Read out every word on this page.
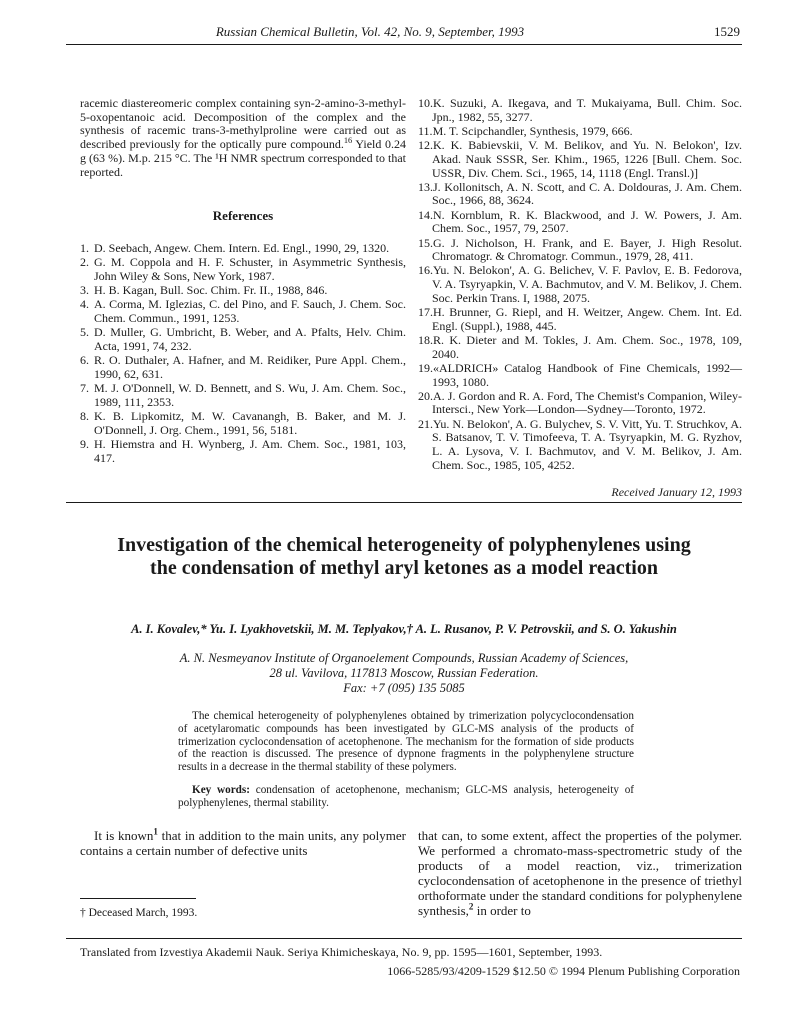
Russian Chemical Bulletin, Vol. 42, No. 9, September, 1993	1529
racemic diastereomeric complex containing syn-2-amino-3-methyl-5-oxopentanoic acid. Decomposition of the complex and the synthesis of racemic trans-3-methylproline were carried out as described previously for the optically pure compound.$^{16}$ Yield 0.24 g (63 %). M.p. 215 °C. The ¹H NMR spectrum corresponded to that reported.
References
1. D. Seebach, Angew. Chem. Intern. Ed. Engl., 1990, 29, 1320.
2. G. M. Coppola and H. F. Schuster, in Asymmetric Synthesis, John Wiley & Sons, New York, 1987.
3. H. B. Kagan, Bull. Soc. Chim. Fr. II., 1988, 846.
4. A. Corma, M. Iglezias, C. del Pino, and F. Sauch, J. Chem. Soc. Chem. Commun., 1991, 1253.
5. D. Muller, G. Umbricht, B. Weber, and A. Pfalts, Helv. Chim. Acta, 1991, 74, 232.
6. R. O. Duthaler, A. Hafner, and M. Reidiker, Pure Appl. Chem., 1990, 62, 631.
7. M. J. O'Donnell, W. D. Bennett, and S. Wu, J. Am. Chem. Soc., 1989, 111, 2353.
8. K. B. Lipkomitz, M. W. Cavanangh, B. Baker, and M. J. O'Donnell, J. Org. Chem., 1991, 56, 5181.
9. H. Hiemstra and H. Wynberg, J. Am. Chem. Soc., 1981, 103, 417.
10.K. Suzuki, A. Ikegava, and T. Mukaiyama, Bull. Chim. Soc. Jpn., 1982, 55, 3277.
11.M. T. Scipchandler, Synthesis, 1979, 666.
12.K. K. Babievskii, V. M. Belikov, and Yu. N. Belokon', Izv. Akad. Nauk SSSR, Ser. Khim., 1965, 1226 [Bull. Chem. Soc. USSR, Div. Chem. Sci., 1965, 14, 1118 (Engl. Transl.)]
13.J. Kollonitsch, A. N. Scott, and C. A. Doldouras, J. Am. Chem. Soc., 1966, 88, 3624.
14.N. Kornblum, R. K. Blackwood, and J. W. Powers, J. Am. Chem. Soc., 1957, 79, 2507.
15.G. J. Nicholson, H. Frank, and E. Bayer, J. High Resolut. Chromatogr. & Chromatogr. Commun., 1979, 28, 411.
16.Yu. N. Belokon', A. G. Belichev, V. F. Pavlov, E. B. Fedorova, V. A. Tsyryapkin, V. A. Bachmutov, and V. M. Belikov, J. Chem. Soc. Perkin Trans. I, 1988, 2075.
17.H. Brunner, G. Riepl, and H. Weitzer, Angew. Chem. Int. Ed. Engl. (Suppl.), 1988, 445.
18.R. K. Dieter and M. Tokles, J. Am. Chem. Soc., 1978, 109, 2040.
19.«ALDRICH» Catalog Handbook of Fine Chemicals, 1992—1993, 1080.
20.A. J. Gordon and R. A. Ford, The Chemist's Companion, Wiley-Intersci., New York—London—Sydney—Toronto, 1972.
21.Yu. N. Belokon', A. G. Bulychev, S. V. Vitt, Yu. T. Struchkov, A. S. Batsanov, T. V. Timofeeva, T. A. Tsyryapkin, M. G. Ryzhov, L. A. Lysova, V. I. Bachmutov, and V. M. Belikov, J. Am. Chem. Soc., 1985, 105, 4252.
Received January 12, 1993
Investigation of the chemical heterogeneity of polyphenylenes using
the condensation of methyl aryl ketones as a model reaction
A. I. Kovalev,* Yu. I. Lyakhovetskii, M. M. Teplyakov,† A. L. Rusanov, P. V. Petrovskii, and S. O. Yakushin
A. N. Nesmeyanov Institute of Organoelement Compounds, Russian Academy of Sciences,
28 ul. Vavilova, 117813 Moscow, Russian Federation.
Fax: +7 (095) 135 5085
The chemical heterogeneity of polyphenylenes obtained by trimerization polycyclocondensation of acetylaromatic compounds has been investigated by GLC-MS analysis of the products of trimerization cyclocondensation of acetophenone. The mechanism for the formation of side products of the reaction is discussed. The presence of dypnone fragments in the polyphenylene structure results in a decrease in the thermal stability of these polymers.
Key words: condensation of acetophenone, mechanism; GLC-MS analysis, heterogeneity of polyphenylenes, thermal stability.
It is known$^1$ that in addition to the main units, any polymer contains a certain number of defective units
that can, to some extent, affect the properties of the polymer. We performed a chromato-mass-spectrometric study of the products of a model reaction, viz., trimerization cyclocondensation of acetophenone in the presence of triethyl orthoformate under the standard conditions for polyphenylene synthesis,$^2$ in order to
† Deceased March, 1993.
Translated from Izvestiya Akademii Nauk. Seriya Khimicheskaya, No. 9, pp. 1595—1601, September, 1993.
1066-5285/93/4209-1529 $12.50 © 1994 Plenum Publishing Corporation
